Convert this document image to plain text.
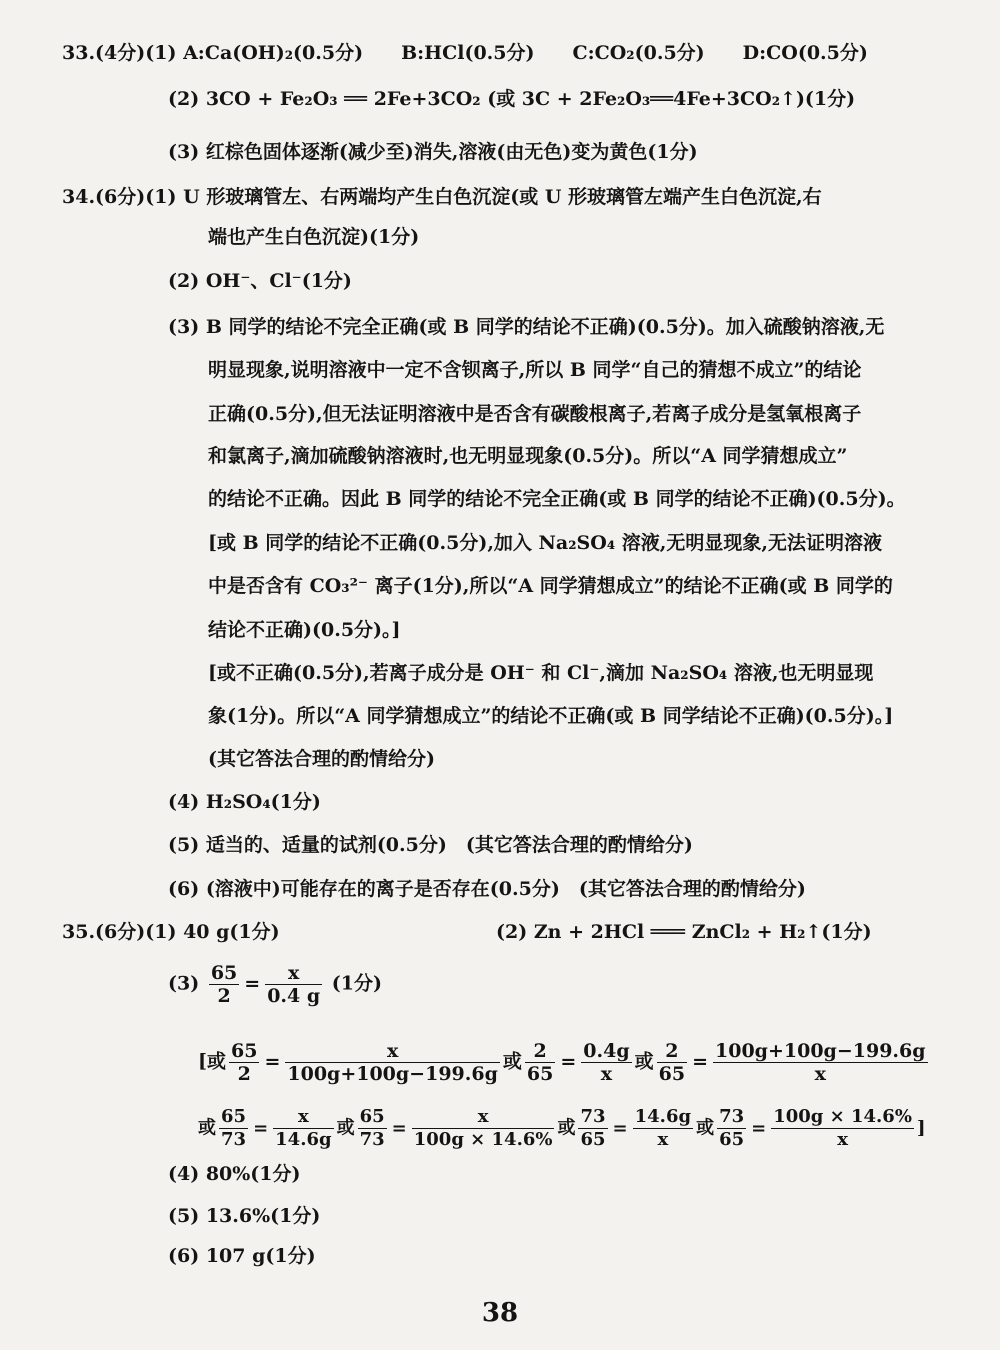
33.(4分)(1) A:Ca(OH)₂(0.5分)　　B:HCl(0.5分)　　C:CO₂(0.5分)　　D:CO(0.5分)
(2) 3CO + Fe₂O₃ ══ 2Fe+3CO₂ (或 3C + 2Fe₂O₃══4Fe+3CO₂↑)(1分)
(3) 红棕色固体逐渐(减少至)消失,溶液(由无色)变为黄色(1分)
34.(6分)(1) U 形玻璃管左、右两端均产生白色沉淀(或 U 形玻璃管左端产生白色沉淀,右
端也产生白色沉淀)(1分)
(2) OH⁻、Cl⁻(1分)
(3) B 同学的结论不完全正确(或 B 同学的结论不正确)(0.5分)。加入硫酸钠溶液,无
明显现象,说明溶液中一定不含钡离子,所以 B 同学“自己的猜想不成立”的结论
正确(0.5分),但无法证明溶液中是否含有碳酸根离子,若离子成分是氢氧根离子
和氯离子,滴加硫酸钠溶液时,也无明显现象(0.5分)。所以“A 同学猜想成立”
的结论不正确。因此 B 同学的结论不完全正确(或 B 同学的结论不正确)(0.5分)。
[或 B 同学的结论不正确(0.5分),加入 Na₂SO₄ 溶液,无明显现象,无法证明溶液
中是否含有 CO₃²⁻ 离子(1分),所以“A 同学猜想成立”的结论不正确(或 B 同学的
结论不正确)(0.5分)。]
[或不正确(0.5分),若离子成分是 OH⁻ 和 Cl⁻,滴加 Na₂SO₄ 溶液,也无明显现
象(1分)。所以“A 同学猜想成立”的结论不正确(或 B 同学结论不正确)(0.5分)。]
(其它答法合理的酌情给分)
(4) H₂SO₄(1分)
(5) 适当的、适量的试剂(0.5分)　(其它答法合理的酌情给分)
(6) (溶液中)可能存在的离子是否存在(0.5分)　(其它答法合理的酌情给分)
35.(6分)(1) 40 g(1分)	(2) Zn + 2HCl ═══ ZnCl₂ + H₂↑(1分)
$(3) \frac{65}{2} = \frac{x}{0.4 g} (1$分)
[或 $\frac{65}{2} = \frac{x}{100g+100g-199.6g}$ 或 $\frac{2}{65} = \frac{0.4g}{x}$ 或 $\frac{2}{65} = \frac{100g+100g-199.6g}{x}$
或 $\frac{65}{73} = \frac{x}{14.6g}$ 或 $\frac{65}{73} = \frac{x}{100g \times 14.6\%}$ 或 $\frac{73}{65} = \frac{14.6g}{x}$ 或 $\frac{73}{65} = \frac{100g \times 14.6\%}{x}$ ]
(4) 80%(1分)
(5) 13.6%(1分)
(6) 107 g(1分)
38
